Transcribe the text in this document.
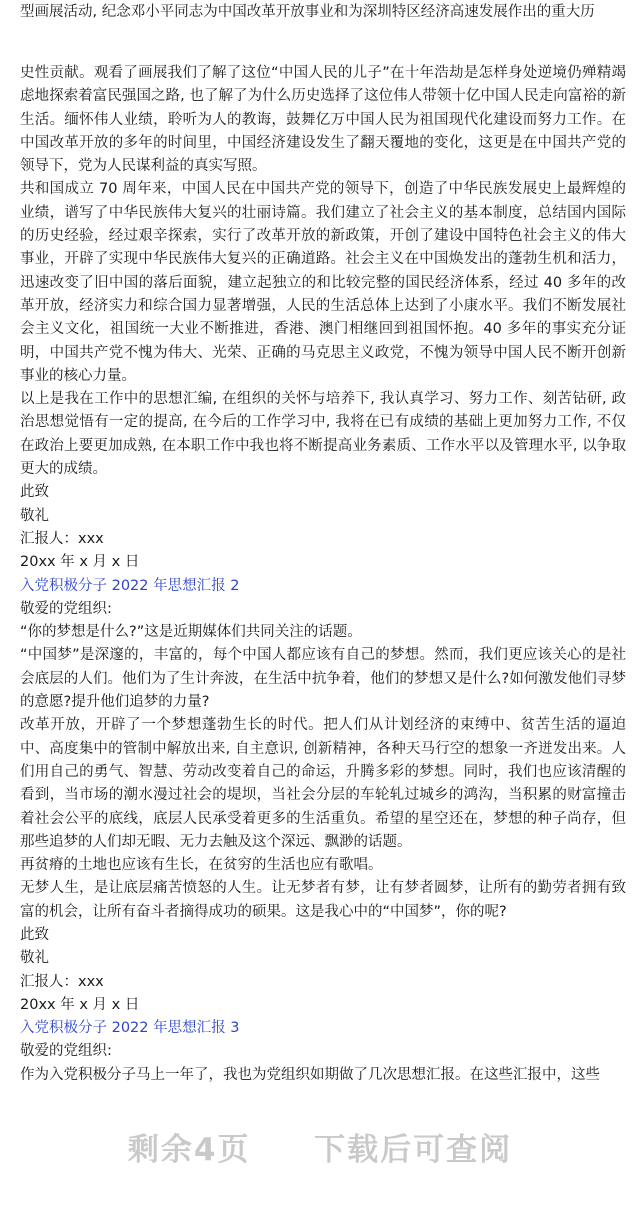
型画展活动, 纪念邓小平同志为中国改革开放事业和为深圳特区经济高速发展作出的重大历

史性贡献。观看了画展我们了解了这位“中国人民的儿子”在十年浩劫是怎样身处逆境仍殚精竭虑地探索着富民强国之路, 也了解了为什么历史选择了这位伟人带领十亿中国人民走向富裕的新生活。缅怀伟人业绩，聆听为人的教诲，鼓舞亿万中国人民为祖国现代化建设而努力工作。在中国改革开放的多年的时间里，中国经济建设发生了翻天覆地的变化，这更是在中国共产党的领导下，党为人民谋利益的真实写照。

共和国成立 70 周年来，中国人民在中国共产党的领导下，创造了中华民族发展史上最辉煌的业绩，谱写了中华民族伟大复兴的壮丽诗篇。我们建立了社会主义的基本制度，总结国内国际的历史经验，经过艰辛探索，实行了改革开放的新政策，开创了建设中国特色社会主义的伟大事业，开辟了实现中华民族伟大复兴的正确道路。社会主义在中国焕发出的蓬勃生机和活力，迅速改变了旧中国的落后面貌，建立起独立的和比较完整的国民经济体系，经过 40 多年的改革开放，经济实力和综合国力显著增强，人民的生活总体上达到了小康水平。我们不断发展社会主义文化，祖国统一大业不断推进，香港、澳门相继回到祖国怀抱。40 多年的事实充分证明，中国共产党不愧为伟大、光荣、正确的马克思主义政党，不愧为领导中国人民不断开创新事业的核心力量。

以上是我在工作中的思想汇编, 在组织的关怀与培养下, 我认真学习、努力工作、刻苦钻研, 政治思想觉悟有一定的提高, 在今后的工作学习中, 我将在已有成绩的基础上更加努力工作, 不仅在政治上要更加成熟, 在本职工作中我也将不断提高业务素质、工作水平以及管理水平, 以争取更大的成绩。

此致

敬礼

汇报人：xxx

20xx 年 x 月 x 日

入党积极分子 2022 年思想汇报 2

敬爱的党组织:

“你的梦想是什么?”这是近期媒体们共同关注的话题。

“中国梦”是深邃的，丰富的，每个中国人都应该有自己的梦想。然而，我们更应该关心的是社会底层的人们。他们为了生计奔波，在生活中抗争着，他们的梦想又是什么?如何激发他们寻梦的意愿?提升他们追梦的力量?

改革开放，开辟了一个梦想蓬勃生长的时代。把人们从计划经济的束缚中、贫苦生活的逼迫中、高度集中的管制中解放出来, 自主意识, 创新精神，各种天马行空的想象一齐迸发出来。人们用自己的勇气、智慧、劳动改变着自己的命运，升腾多彩的梦想。同时，我们也应该清醒的看到，当市场的潮水漫过社会的堤坝，当社会分层的车轮轧过城乡的鸿沟，当积累的财富撞击着社会公平的底线，底层人民承受着更多的生活重负。希望的星空还在，梦想的种子尚存，但那些追梦的人们却无暇、无力去触及这个深远、飘渺的话题。

再贫瘠的土地也应该有生长，在贫穷的生活也应有歌唱。

无梦人生，是让底层痛苦愤怒的人生。让无梦者有梦，让有梦者圆梦，让所有的勤劳者拥有致富的机会，让所有奋斗者摘得成功的硕果。这是我心中的“中国梦”，你的呢?

此致

敬礼

汇报人：xxx

20xx 年 x 月 x 日

入党积极分子 2022 年思想汇报 3

敬爱的党组织:

作为入党积极分子马上一年了，我也为党组织如期做了几次思想汇报。在这些汇报中，这些

剩余4页 下载后可查阅
